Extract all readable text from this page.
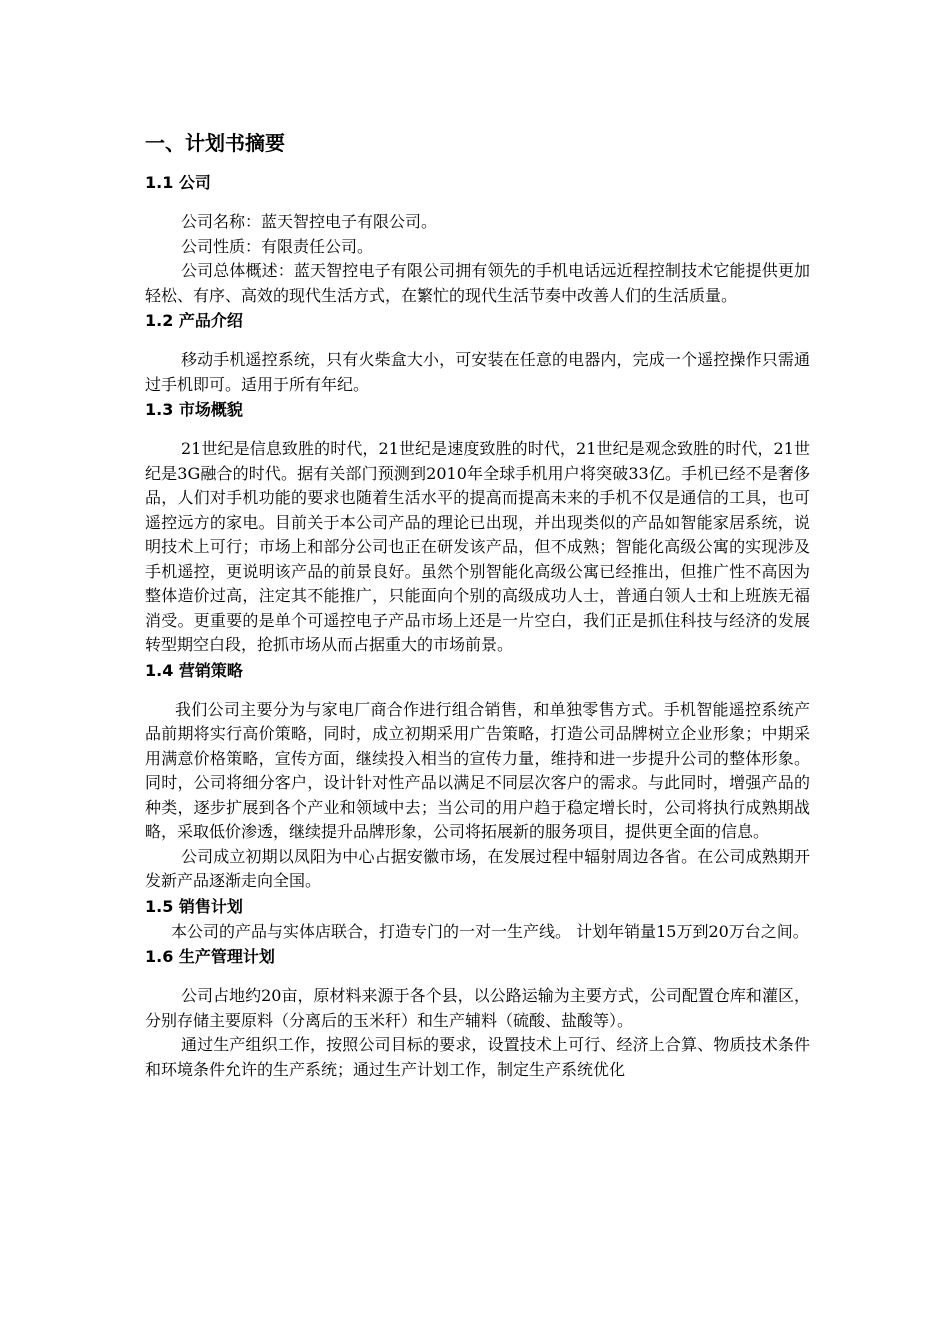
一、计划书摘要
1.1 公司

公司名称：蓝天智控电子有限公司。

公司性质：有限责任公司。

公司总体概述：蓝天智控电子有限公司拥有领先的手机电话远近程控制技术它能提供更加轻松、有序、高效的现代生活方式，在繁忙的现代生活节奏中改善人们的生活质量。

1.2 产品介绍

移动手机遥控系统，只有火柴盒大小，可安装在任意的电器内，完成一个遥控操作只需通过手机即可。适用于所有年纪。

1.3 市场概貌

21世纪是信息致胜的时代，21世纪是速度致胜的时代，21世纪是观念致胜的时代，21世纪是3G融合的时代。据有关部门预测到2010年全球手机用户将突破33亿。手机已经不是奢侈品，人们对手机功能的要求也随着生活水平的提高而提高未来的手机不仅是通信的工具，也可遥控远方的家电。目前关于本公司产品的理论已出现，并出现类似的产品如智能家居系统，说明技术上可行；市场上和部分公司也正在研发该产品，但不成熟；智能化高级公寓的实现涉及手机遥控，更说明该产品的前景良好。虽然个别智能化高级公寓已经推出，但推广性不高因为整体造价过高，注定其不能推广，只能面向个别的高级成功人士，普通白领人士和上班族无福消受。更重要的是单个可遥控电子产品市场上还是一片空白，我们正是抓住科技与经济的发展转型期空白段，抢抓市场从而占据重大的市场前景。

1.4 营销策略

我们公司主要分为与家电厂商合作进行组合销售，和单独零售方式。手机智能遥控系统产品前期将实行高价策略，同时，成立初期采用广告策略，打造公司品牌树立企业形象；中期采用满意价格策略，宣传方面，继续投入相当的宣传力量，维持和进一步提升公司的整体形象。同时，公司将细分客户，设计针对性产品以满足不同层次客户的需求。与此同时，增强产品的种类，逐步扩展到各个产业和领域中去；当公司的用户趋于稳定增长时，公司将执行成熟期战略，采取低价渗透，继续提升品牌形象，公司将拓展新的服务项目，提供更全面的信息。

公司成立初期以凤阳为中心占据安徽市场，在发展过程中辐射周边各省。在公司成熟期开发新产品逐渐走向全国。

1.5 销售计划

本公司的产品与实体店联合，打造专门的一对一生产线。 计划年销量15万到20万台之间。

1.6 生产管理计划

公司占地约20亩，原材料来源于各个县，以公路运输为主要方式，公司配置仓库和灌区，分别存储主要原料（分离后的玉米秆）和生产辅料（硫酸、盐酸等）。

通过生产组织工作，按照公司目标的要求，设置技术上可行、经济上合算、物质技术条件和环境条件允许的生产系统；通过生产计划工作，制定生产系统优化
